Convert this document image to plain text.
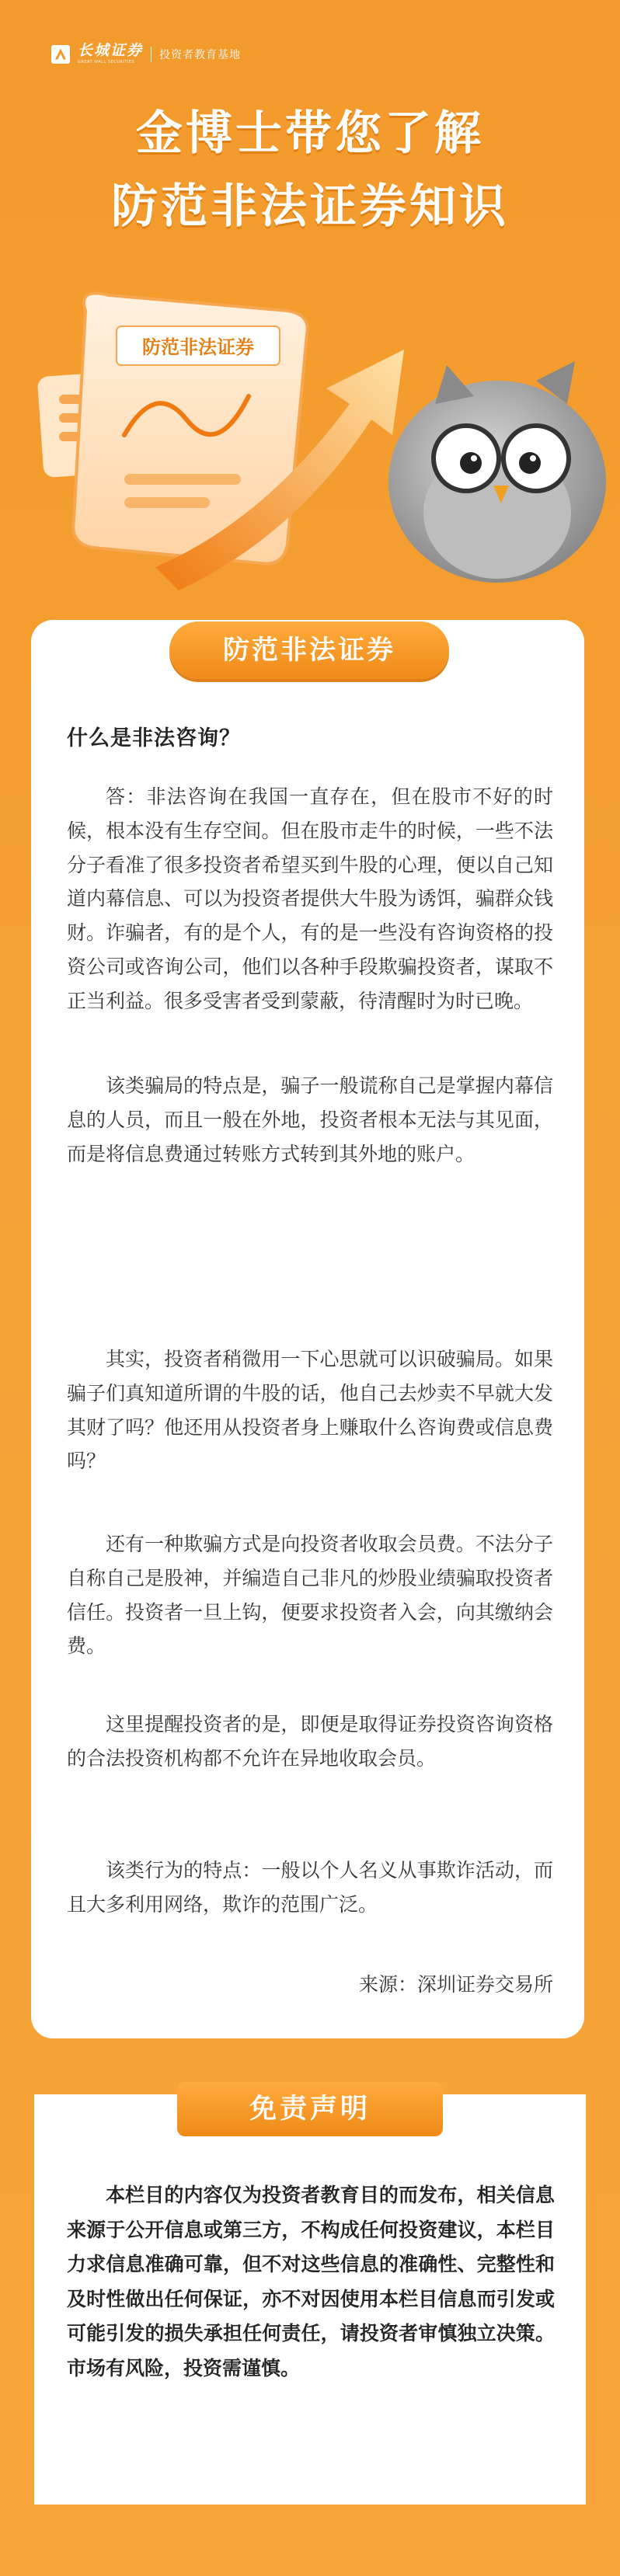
长城证券
GREAT WALL SECURITIES
投资者教育基地
金博士带您了解
防范非法证券知识
防范非法证券
防范非法证券
什么是非法咨询？

答：非法咨询在我国一直存在，但在股市不好的时候，根本没有生存空间。但在股市走牛的时候，一些不法分子看准了很多投资者希望买到牛股的心理，便以自己知道内幕信息、可以为投资者提供大牛股为诱饵，骗群众钱财。诈骗者，有的是个人，有的是一些没有咨询资格的投资公司或咨询公司，他们以各种手段欺骗投资者，谋取不正当利益。很多受害者受到蒙蔽，待清醒时为时已晚。

该类骗局的特点是，骗子一般谎称自己是掌握内幕信息的人员，而且一般在外地，投资者根本无法与其见面，而是将信息费通过转账方式转到其外地的账户。

其实，投资者稍微用一下心思就可以识破骗局。如果骗子们真知道所谓的牛股的话，他自己去炒卖不早就大发其财了吗？他还用从投资者身上赚取什么咨询费或信息费吗？

还有一种欺骗方式是向投资者收取会员费。不法分子自称自己是股神，并编造自己非凡的炒股业绩骗取投资者信任。投资者一旦上钩，便要求投资者入会，向其缴纳会费。

这里提醒投资者的是，即便是取得证券投资咨询资格的合法投资机构都不允许在异地收取会员。

该类行为的特点：一般以个人名义从事欺诈活动，而且大多利用网络，欺诈的范围广泛。

来源：深圳证券交易所
免责声明

本栏目的内容仅为投资者教育目的而发布，相关信息来源于公开信息或第三方，不构成任何投资建议，本栏目力求信息准确可靠，但不对这些信息的准确性、完整性和及时性做出任何保证，亦不对因使用本栏目信息而引发或可能引发的损失承担任何责任，请投资者审慎独立决策。市场有风险，投资需谨慎。
